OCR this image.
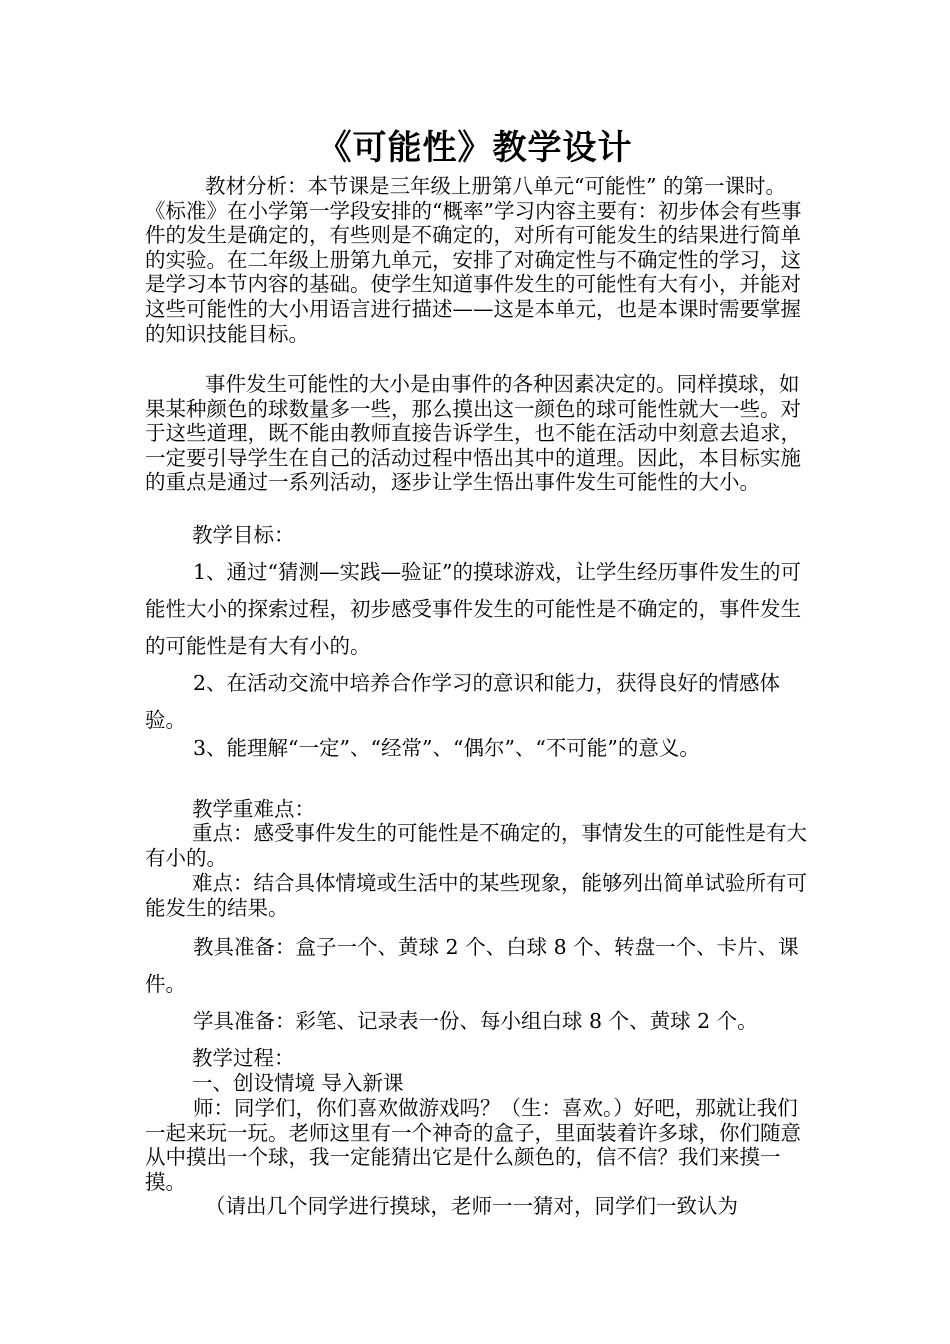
《可能性》教学设计

教材分析：本节课是三年级上册第八单元“可能性” 的第一课时。《标准》在小学第一学段安排的“概率”学习内容主要有：初步体会有些事件的发生是确定的，有些则是不确定的，对所有可能发生的结果进行简单的实验。在二年级上册第九单元，安排了对确定性与不确定性的学习，这是学习本节内容的基础。使学生知道事件发生的可能性有大有小，并能对这些可能性的大小用语言进行描述——这是本单元，也是本课时需要掌握的知识技能目标。

事件发生可能性的大小是由事件的各种因素决定的。同样摸球，如果某种颜色的球数量多一些，那么摸出这一颜色的球可能性就大一些。对于这些道理，既不能由教师直接告诉学生，也不能在活动中刻意去追求，一定要引导学生在自己的活动过程中悟出其中的道理。因此，本目标实施的重点是通过一系列活动，逐步让学生悟出事件发生可能性的大小。

教学目标：

1、通过“猜测—实践—验证”的摸球游戏，让学生经历事件发生的可能性大小的探索过程，初步感受事件发生的可能性是不确定的，事件发生的可能性是有大有小的。

2、在活动交流中培养合作学习的意识和能力，获得良好的情感体验。

3、能理解“一定”、“经常”、“偶尔”、“不可能”的意义。

教学重难点：

重点：感受事件发生的可能性是不确定的，事情发生的可能性是有大有小的。

难点：结合具体情境或生活中的某些现象，能够列出简单试验所有可能发生的结果。

教具准备：盒子一个、黄球 2 个、白球 8 个、转盘一个、卡片、课件。

学具准备：彩笔、记录表一份、每小组白球 8 个、黄球 2 个。

教学过程：

一、创设情境 导入新课

师：同学们，你们喜欢做游戏吗？（生：喜欢。）好吧，那就让我们一起来玩一玩。老师这里有一个神奇的盒子，里面装着许多球，你们随意从中摸出一个球，我一定能猜出它是什么颜色的，信不信？我们来摸一摸。

（请出几个同学进行摸球，老师一一猜对，同学们一致认为
